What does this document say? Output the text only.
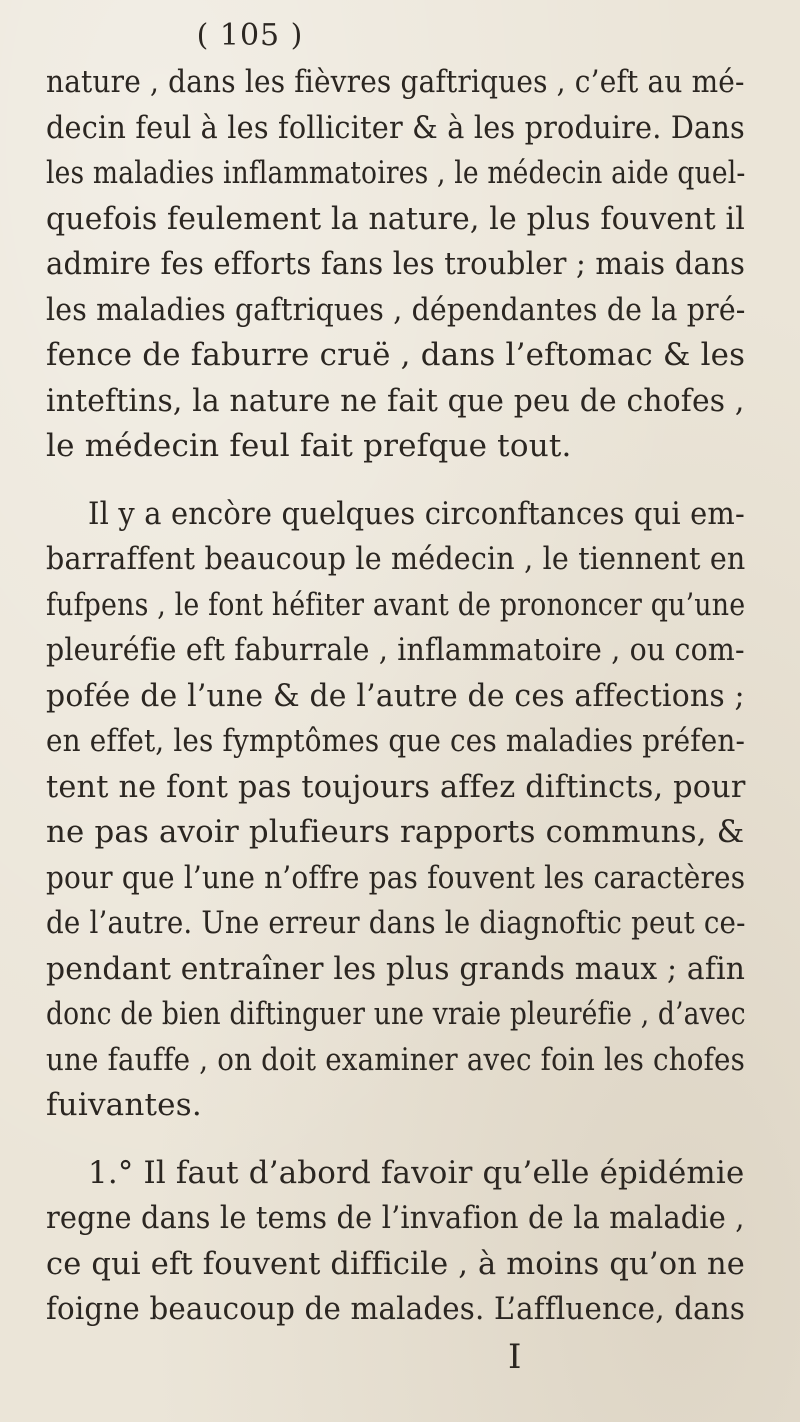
( 105 )
nature , dans les fièvres gaftriques , c’eft au mé-
decin feul à les folliciter & à les produire. Dans
les maladies inflammatoires , le médecin aide quel-
quefois feulement la nature, le plus fouvent il
admire fes efforts fans les troubler ; mais dans
les maladies gaftriques , dépendantes de la pré-
fence de faburre cruë , dans l’eftomac & les
inteftins, la nature ne fait que peu de chofes ,
le médecin feul fait prefque tout.
Il y a encòre quelques circonftances qui em-
barraffent beaucoup le médecin , le tiennent en
fufpens , le font héfiter avant de prononcer qu’une
pleuréfie eft faburrale , inflammatoire , ou com-
pofée de l’une & de l’autre de ces affections ;
en effet, les fymptômes que ces maladies préfen-
tent ne font pas toujours affez diftincts, pour
ne pas avoir plufieurs rapports communs, &
pour que l’une n’offre pas fouvent les caractères
de l’autre. Une erreur dans le diagnoftic peut ce-
pendant entraîner les plus grands maux ; afin
donc de bien diftinguer une vraie pleuréfie , d’avec
une fauffe , on doit examiner avec foin les chofes
fuivantes.
1.° Il faut d’abord favoir qu’elle épidémie
regne dans le tems de l’invafion de la maladie ,
ce qui eft fouvent difficile , à moins qu’on ne
foigne beaucoup de malades. L’affluence, dans
I
